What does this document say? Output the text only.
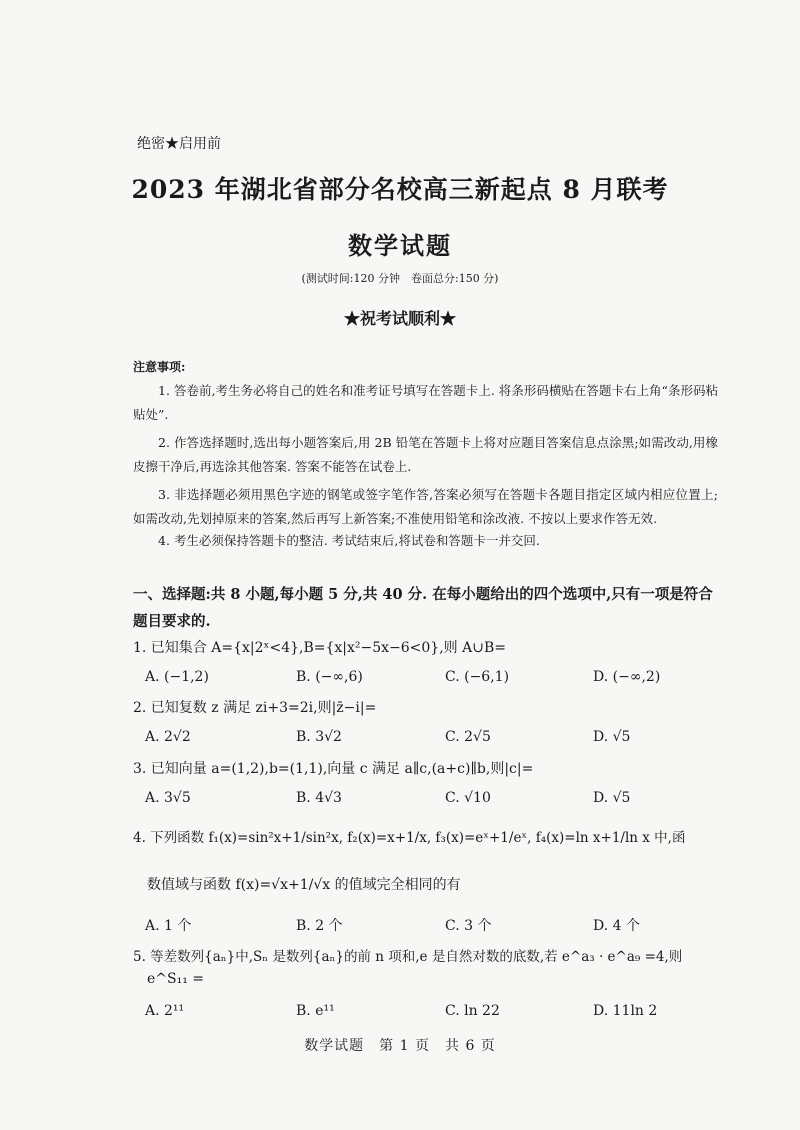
绝密★启用前
2023 年湖北省部分名校高三新起点 8 月联考
数学试题
(测试时间:120 分钟　卷面总分:150 分)
★祝考试顺利★
注意事项:
1. 答卷前,考生务必将自己的姓名和准考证号填写在答题卡上. 将条形码横贴在答题卡右上角“条形码粘贴处”.
2. 作答选择题时,选出每小题答案后,用 2B 铅笔在答题卡上将对应题目答案信息点涂黑;如需改动,用橡皮擦干净后,再选涂其他答案. 答案不能答在试卷上.
3. 非选择题必须用黑色字迹的钢笔或签字笔作答,答案必须写在答题卡各题目指定区域内相应位置上;如需改动,先划掉原来的答案,然后再写上新答案;不准使用铅笔和涂改液. 不按以上要求作答无效.
4. 考生必须保持答题卡的整洁. 考试结束后,将试卷和答题卡一并交回.
一、选择题:共 8 小题,每小题 5 分,共 40 分. 在每小题给出的四个选项中,只有一项是符合题目要求的.
1. 已知集合 A={x|2ˣ<4},B={x|x²−5x−6<0},则 A∪B=
A. (−1,2)	B. (−∞,6)	C. (−6,1)	D. (−∞,2)
2. 已知复数 z 满足 zi+3=2i,则|z̄−i|=
A. 2√2	B. 3√2	C. 2√5	D. √5
3. 已知向量 a=(1,2),b=(1,1),向量 c 满足 a∥c,(a+c)∥b,则|c|=
A. 3√5	B. 4√3	C. √10	D. √5
4. 下列函数 f₁(x)=sin²x+1/sin²x, f₂(x)=x+1/x, f₃(x)=eˣ+1/eˣ, f₄(x)=ln x+1/ln x 中,函
数值域与函数 f(x)=√x+1/√x 的值域完全相同的有
A. 1 个	B. 2 个	C. 3 个	D. 4 个
5. 等差数列{aₙ}中,Sₙ 是数列{aₙ}的前 n 项和,e 是自然对数的底数,若 e^a₃ · e^a₉ =4,则
e^S₁₁ =
A. 2¹¹	B. e¹¹	C. ln 22	D. 11ln 2
数学试题　第 1 页　共 6 页
